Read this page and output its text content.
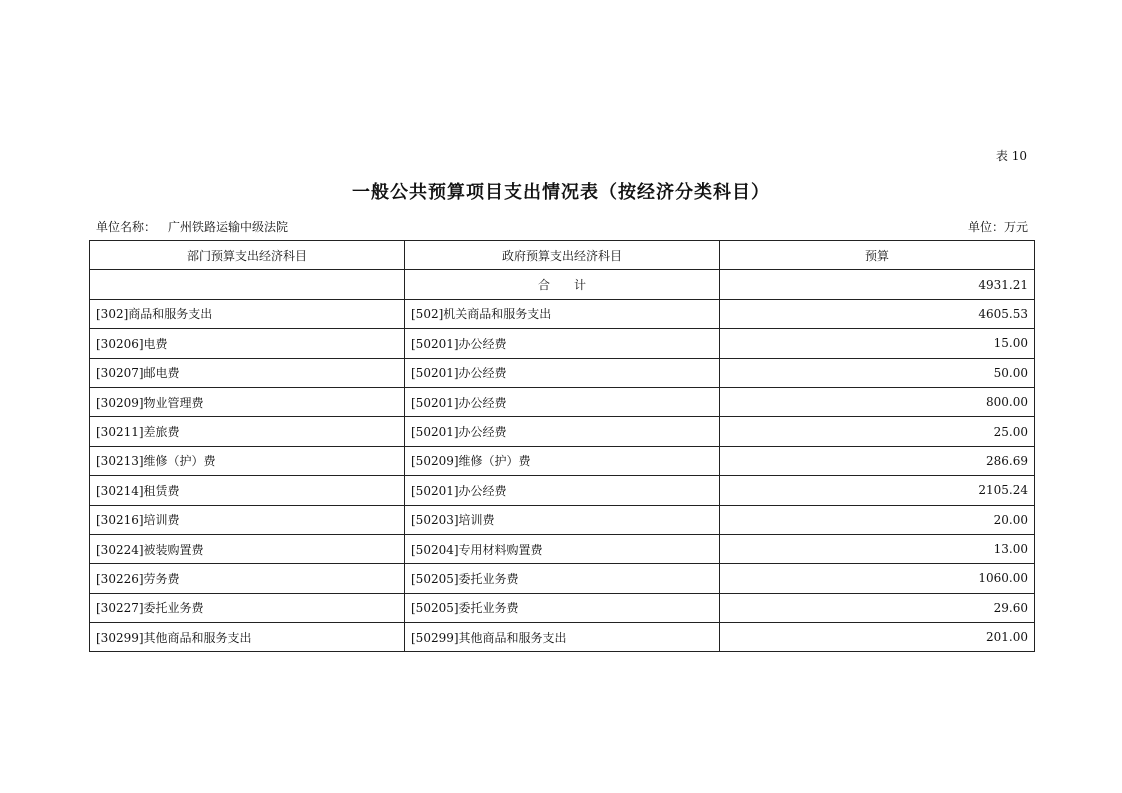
表 10
一般公共预算项目支出情况表（按经济分类科目）
单位名称： 广州铁路运输中级法院	单位：万元
部门预算支出经济科目	政府预算支出经济科目	预算
	合计	4931.21
[302]商品和服务支出	[502]机关商品和服务支出	4605.53
[30206]电费	[50201]办公经费	15.00
[30207]邮电费	[50201]办公经费	50.00
[30209]物业管理费	[50201]办公经费	800.00
[30211]差旅费	[50201]办公经费	25.00
[30213]维修（护）费	[50209]维修（护）费	286.69
[30214]租赁费	[50201]办公经费	2105.24
[30216]培训费	[50203]培训费	20.00
[30224]被装购置费	[50204]专用材料购置费	13.00
[30226]劳务费	[50205]委托业务费	1060.00
[30227]委托业务费	[50205]委托业务费	29.60
[30299]其他商品和服务支出	[50299]其他商品和服务支出	201.00
